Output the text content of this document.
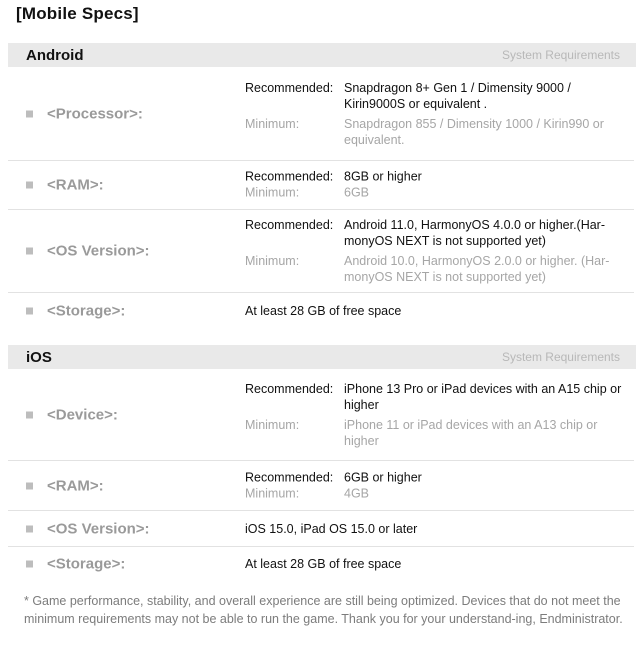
[Mobile Specs]
Android	System Requirements
<Processor>:
Recommended: Snapdragon 8+ Gen 1 / Dimensity 9000 / Kirin9000S or equivalent .
Minimum:	Snapdragon 855 / Dimensity 1000 / Kirin990 or equivalent.
<RAM>:	Recommended: 8GB or higher
Minimum:	6GB
<OS Version>:
Recommended: Android 11.0, HarmonyOS 4.0.0 or higher.(Har-monyOS NEXT is not supported yet)
Minimum:	Android 10.0, HarmonyOS 2.0.0 or higher. (Har-monyOS NEXT is not supported yet)
<Storage>:	At least 28 GB of free space
iOS	System Requirements
<Device>:
Recommended: iPhone 13 Pro or iPad devices with an A15 chip or higher
Minimum:	iPhone 11 or iPad devices with an A13 chip or higher
<RAM>:	Recommended: 6GB or higher
Minimum:	4GB
<OS Version>:	iOS 15.0, iPad OS 15.0 or later
<Storage>:	At least 28 GB of free space
* Game performance, stability, and overall experience are still being optimized. Devices that do not meet the minimum requirements may not be able to run the game. Thank you for your understand-ing, Endministrator.
